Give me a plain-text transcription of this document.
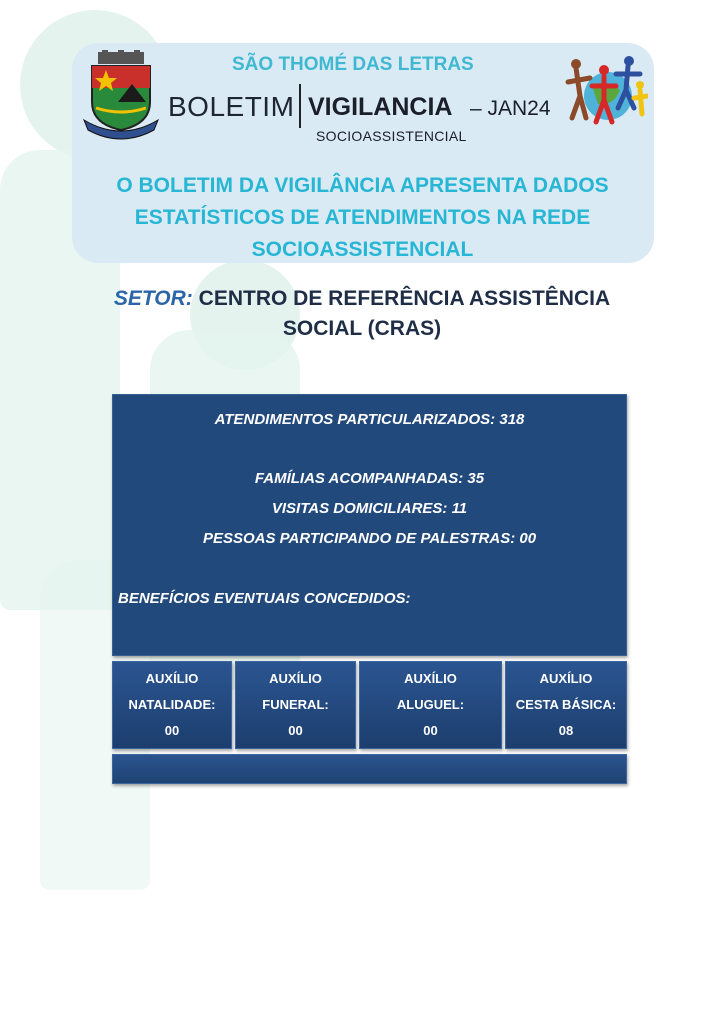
SÃO THOMÉ DAS LETRAS
BOLETIM VIGILANCIA – JAN24
SOCIOASSISTENCIAL
O BOLETIM DA VIGILÂNCIA APRESENTA DADOS
ESTATÍSTICOS DE ATENDIMENTOS NA REDE
SOCIOASSISTENCIAL
SETOR: CENTRO DE REFERÊNCIA ASSISTÊNCIA
SOCIAL (CRAS)
ATENDIMENTOS PARTICULARIZADOS: 318
FAMÍLIAS ACOMPANHADAS: 35
VISITAS DOMICILIARES: 11
PESSOAS PARTICIPANDO DE PALESTRAS: 00
BENEFÍCIOS EVENTUAIS CONCEDIDOS:
AUXÍLIO
NATALIDADE:
00
AUXÍLIO
FUNERAL:
00
AUXÍLIO
ALUGUEL:
00
AUXÍLIO
CESTA BÁSICA:
08
